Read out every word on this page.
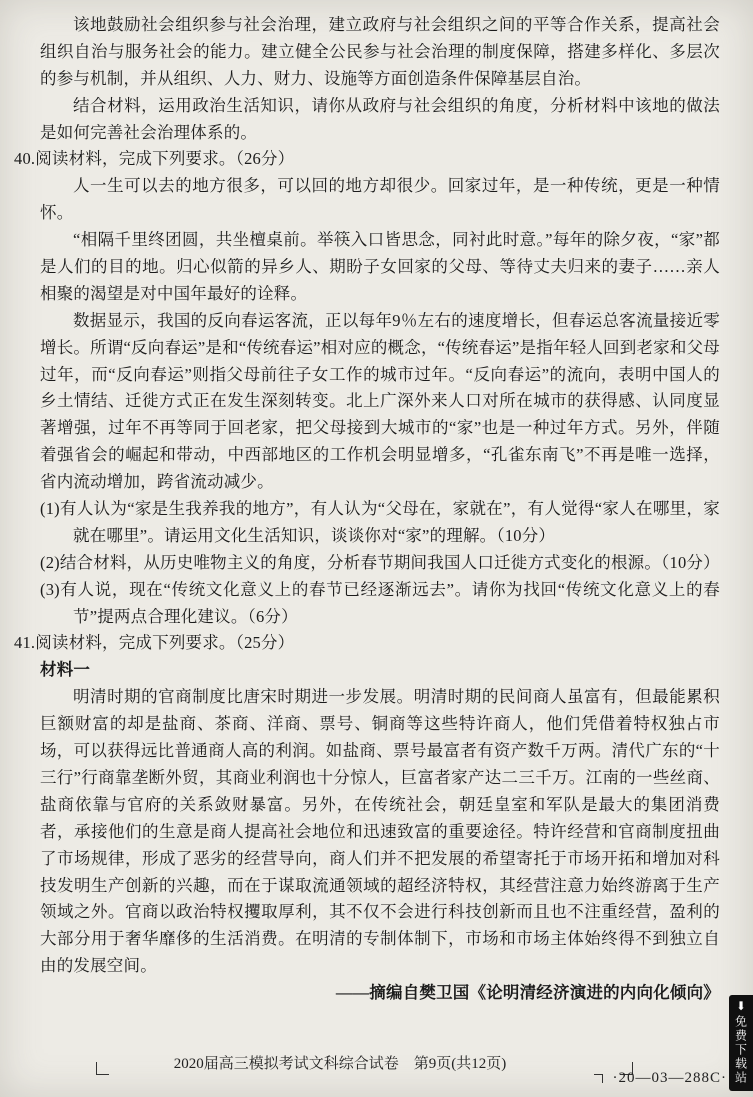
该地鼓励社会组织参与社会治理，建立政府与社会组织之间的平等合作关系，提高社会组织自治与服务社会的能力。建立健全公民参与社会治理的制度保障，搭建多样化、多层次的参与机制，并从组织、人力、财力、设施等方面创造条件保障基层自治。

结合材料，运用政治生活知识，请你从政府与社会组织的角度，分析材料中该地的做法是如何完善社会治理体系的。

40.阅读材料，完成下列要求。（26分）

人一生可以去的地方很多，可以回的地方却很少。回家过年，是一种传统，更是一种情怀。

“相隔千里终团圆，共坐檀桌前。举筷入口皆思念，同衬此时意。”每年的除夕夜，“家”都是人们的目的地。归心似箭的异乡人、期盼子女回家的父母、等待丈夫归来的妻子……亲人相聚的渴望是对中国年最好的诠释。

数据显示，我国的反向春运客流，正以每年9％左右的速度增长，但春运总客流量接近零增长。所谓“反向春运”是和“传统春运”相对应的概念，“传统春运”是指年轻人回到老家和父母过年，而“反向春运”则指父母前往子女工作的城市过年。“反向春运”的流向，表明中国人的乡土情结、迁徙方式正在发生深刻转变。北上广深外来人口对所在城市的获得感、认同度显著增强，过年不再等同于回老家，把父母接到大城市的“家”也是一种过年方式。另外，伴随着强省会的崛起和带动，中西部地区的工作机会明显增多，“孔雀东南飞”不再是唯一选择，省内流动增加，跨省流动减少。

(1)有人认为“家是生我养我的地方”，有人认为“父母在，家就在”，有人觉得“家人在哪里，家就在哪里”。请运用文化生活知识，谈谈你对“家”的理解。（10分）

(2)结合材料，从历史唯物主义的角度，分析春节期间我国人口迁徙方式变化的根源。（10分）

(3)有人说，现在“传统文化意义上的春节已经逐渐远去”。请你为找回“传统文化意义上的春节”提两点合理化建议。（6分）

41.阅读材料，完成下列要求。（25分）

材料一

明清时期的官商制度比唐宋时期进一步发展。明清时期的民间商人虽富有，但最能累积巨额财富的却是盐商、茶商、洋商、票号、铜商等这些特许商人，他们凭借着特权独占市场，可以获得远比普通商人高的利润。如盐商、票号最富者有资产数千万两。清代广东的“十三行”行商靠垄断外贸，其商业利润也十分惊人，巨富者家产达二三千万。江南的一些丝商、盐商依靠与官府的关系敛财暴富。另外，在传统社会，朝廷皇室和军队是最大的集团消费者，承接他们的生意是商人提高社会地位和迅速致富的重要途径。特许经营和官商制度扭曲了市场规律，形成了恶劣的经营导向，商人们并不把发展的希望寄托于市场开拓和增加对科技发明生产创新的兴趣，而在于谋取流通领域的超经济特权，其经营注意力始终游离于生产领域之外。官商以政治特权攫取厚利，其不仅不会进行科技创新而且也不注重经营，盈利的大部分用于奢华靡侈的生活消费。在明清的专制体制下，市场和市场主体始终得不到独立自由的发展空间。

——摘编自樊卫国《论明清经济演进的内向化倾向》

2020届高三模拟考试文科综合试卷　第9页(共12页)
·20—03—288C·
⬇
免费下载站
